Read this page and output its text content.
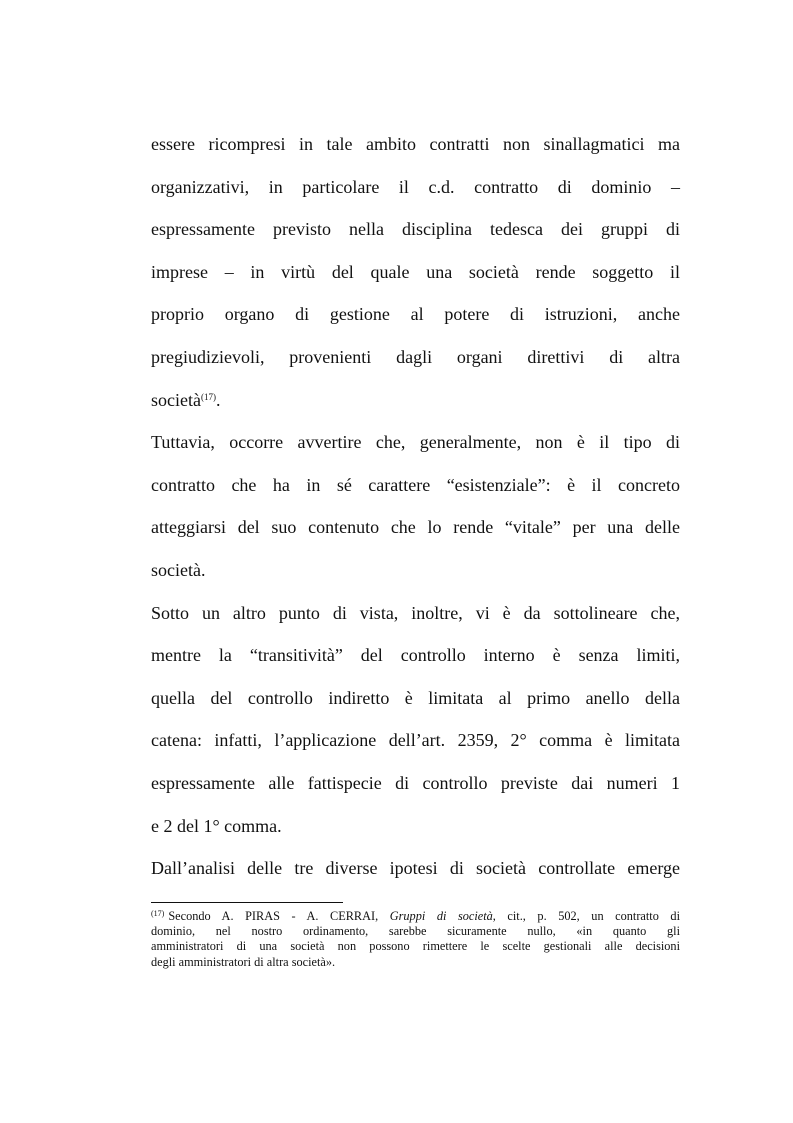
essere ricompresi in tale ambito contratti non sinallagmatici ma
organizzativi, in particolare il c.d. contratto di dominio –
espressamente previsto nella disciplina tedesca dei gruppi di
imprese – in virtù del quale una società rende soggetto il
proprio organo di gestione al potere di istruzioni, anche
pregiudizievoli, provenienti dagli organi direttivi di altra
società$^{(17)}$.

Tuttavia, occorre avvertire che, generalmente, non è il tipo di
contratto che ha in sé carattere “esistenziale”: è il concreto
atteggiarsi del suo contenuto che lo rende “vitale” per una delle
società.

Sotto un altro punto di vista, inoltre, vi è da sottolineare che,
mentre la “transitività” del controllo interno è senza limiti,
quella del controllo indiretto è limitata al primo anello della
catena: infatti, l’applicazione dell’art. 2359, 2° comma è limitata
espressamente alle fattispecie di controllo previste dai numeri 1
e 2 del 1° comma.

Dall’analisi delle tre diverse ipotesi di società controllate emerge

$^{(17)}$ Secondo A. PIRAS - A. CERRAI, Gruppi di società, cit., p. 502, un contratto di
dominio, nel nostro ordinamento, sarebbe sicuramente nullo, «in quanto gli
amministratori di una società non possono rimettere le scelte gestionali alle decisioni
degli amministratori di altra società».
